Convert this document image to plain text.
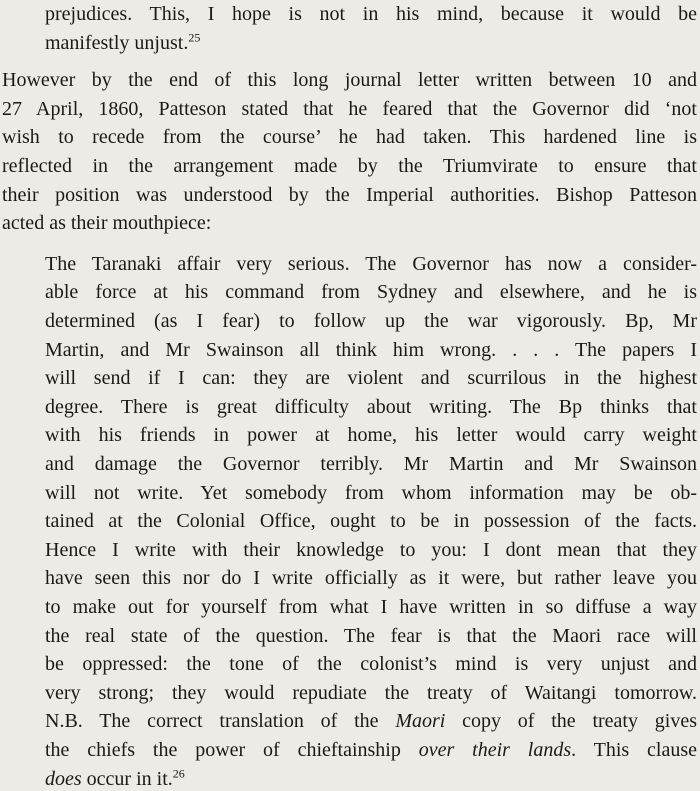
prejudices. This, I hope is not in his mind, because it would be
manifestly unjust.$^{25}$
However by the end of this long journal letter written between 10 and
27 April, 1860, Patteson stated that he feared that the Governor did ‘not
wish to recede from the course’ he had taken. This hardened line is
reflected in the arrangement made by the Triumvirate to ensure that
their position was understood by the Imperial authorities. Bishop Patteson
acted as their mouthpiece:
The Taranaki affair very serious. The Governor has now a consider-
able force at his command from Sydney and elsewhere, and he is
determined (as I fear) to follow up the war vigorously. Bp, Mr
Martin, and Mr Swainson all think him wrong. . . . The papers I
will send if I can: they are violent and scurrilous in the highest
degree. There is great difficulty about writing. The Bp thinks that
with his friends in power at home, his letter would carry weight
and damage the Governor terribly. Mr Martin and Mr Swainson
will not write. Yet somebody from whom information may be ob-
tained at the Colonial Office, ought to be in possession of the facts.
Hence I write with their knowledge to you: I dont mean that they
have seen this nor do I write officially as it were, but rather leave you
to make out for yourself from what I have written in so diffuse a way
the real state of the question. The fear is that the Maori race will
be oppressed: the tone of the colonist’s mind is very unjust and
very strong; they would repudiate the treaty of Waitangi tomorrow.
N.B. The correct translation of the Maori copy of the treaty gives
the chiefs the power of chieftainship over their lands. This clause
does occur in it.$^{26}$
